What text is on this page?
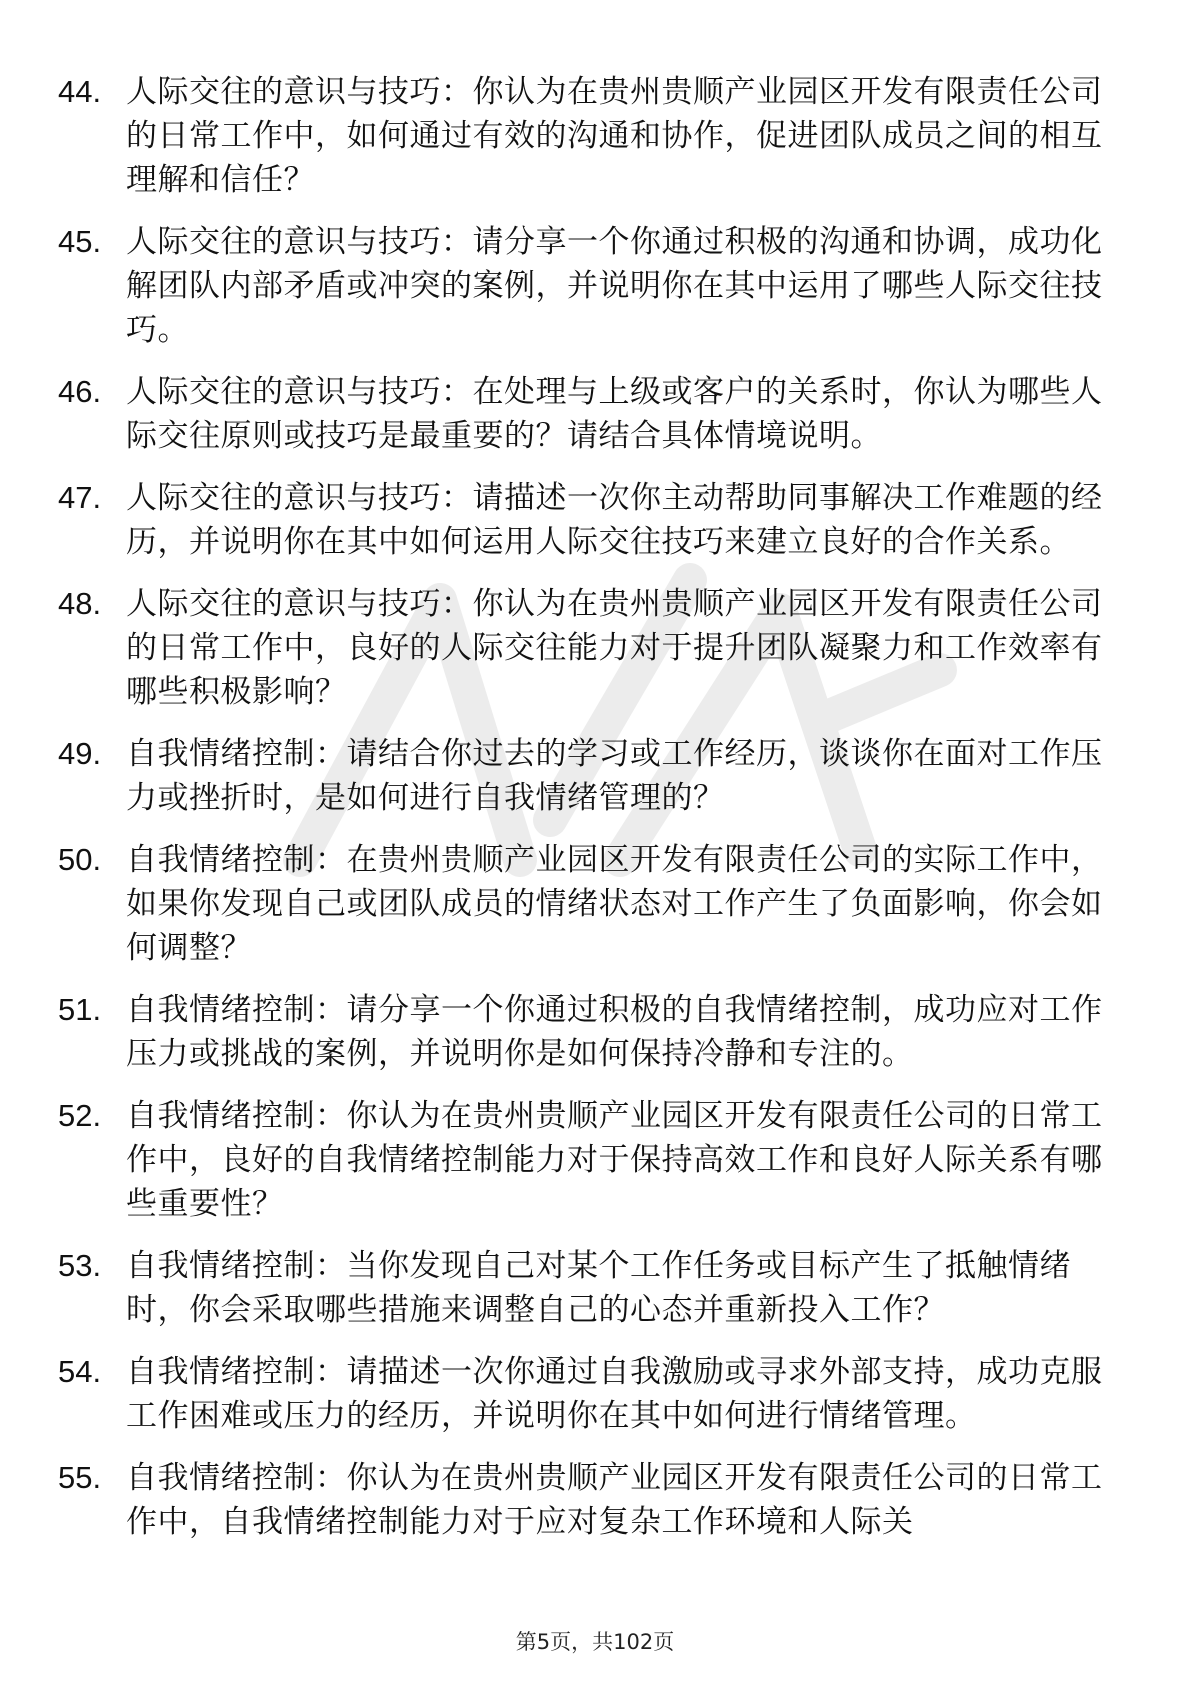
44. 人际交往的意识与技巧：你认为在贵州贵顺产业园区开发有限责任公司的日常工作中，如何通过有效的沟通和协作，促进团队成员之间的相互理解和信任？
45. 人际交往的意识与技巧：请分享一个你通过积极的沟通和协调，成功化解团队内部矛盾或冲突的案例，并说明你在其中运用了哪些人际交往技巧。
46. 人际交往的意识与技巧：在处理与上级或客户的关系时，你认为哪些人际交往原则或技巧是最重要的？请结合具体情境说明。
47. 人际交往的意识与技巧：请描述一次你主动帮助同事解决工作难题的经历，并说明你在其中如何运用人际交往技巧来建立良好的合作关系。
48. 人际交往的意识与技巧：你认为在贵州贵顺产业园区开发有限责任公司的日常工作中，良好的人际交往能力对于提升团队凝聚力和工作效率有哪些积极影响？
49. 自我情绪控制：请结合你过去的学习或工作经历，谈谈你在面对工作压力或挫折时，是如何进行自我情绪管理的？
50. 自我情绪控制：在贵州贵顺产业园区开发有限责任公司的实际工作中，如果你发现自己或团队成员的情绪状态对工作产生了负面影响，你会如何调整？
51. 自我情绪控制：请分享一个你通过积极的自我情绪控制，成功应对工作压力或挑战的案例，并说明你是如何保持冷静和专注的。
52. 自我情绪控制：你认为在贵州贵顺产业园区开发有限责任公司的日常工作中，良好的自我情绪控制能力对于保持高效工作和良好人际关系有哪些重要性？
53. 自我情绪控制：当你发现自己对某个工作任务或目标产生了抵触情绪时，你会采取哪些措施来调整自己的心态并重新投入工作？
54. 自我情绪控制：请描述一次你通过自我激励或寻求外部支持，成功克服工作困难或压力的经历，并说明你在其中如何进行情绪管理。
55. 自我情绪控制：你认为在贵州贵顺产业园区开发有限责任公司的日常工作中，自我情绪控制能力对于应对复杂工作环境和人际关
第5页，共102页
